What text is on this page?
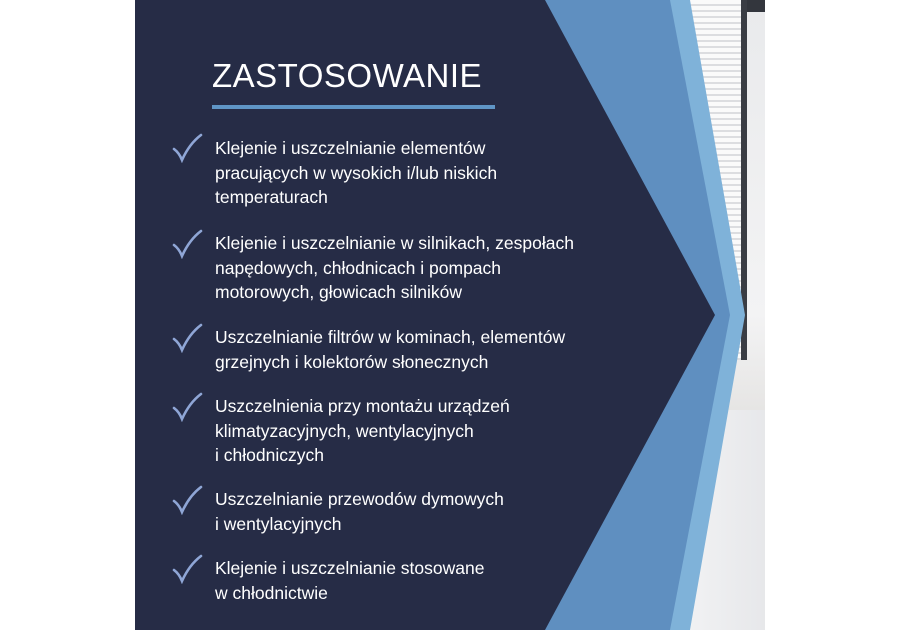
ZASTOSOWANIE
Klejenie i uszczelnianie elementów
pracujących w wysokich i/lub niskich
temperaturach
Klejenie i uszczelnianie w silnikach, zespołach
napędowych, chłodnicach i pompach
motorowych, głowicach silników
Uszczelnianie filtrów w kominach, elementów
grzejnych i kolektorów słonecznych
Uszczelnienia przy montażu urządzeń
klimatyzacyjnych, wentylacyjnych
i chłodniczych
Uszczelnianie przewodów dymowych
i wentylacyjnych
Klejenie i uszczelnianie stosowane
w chłodnictwie
